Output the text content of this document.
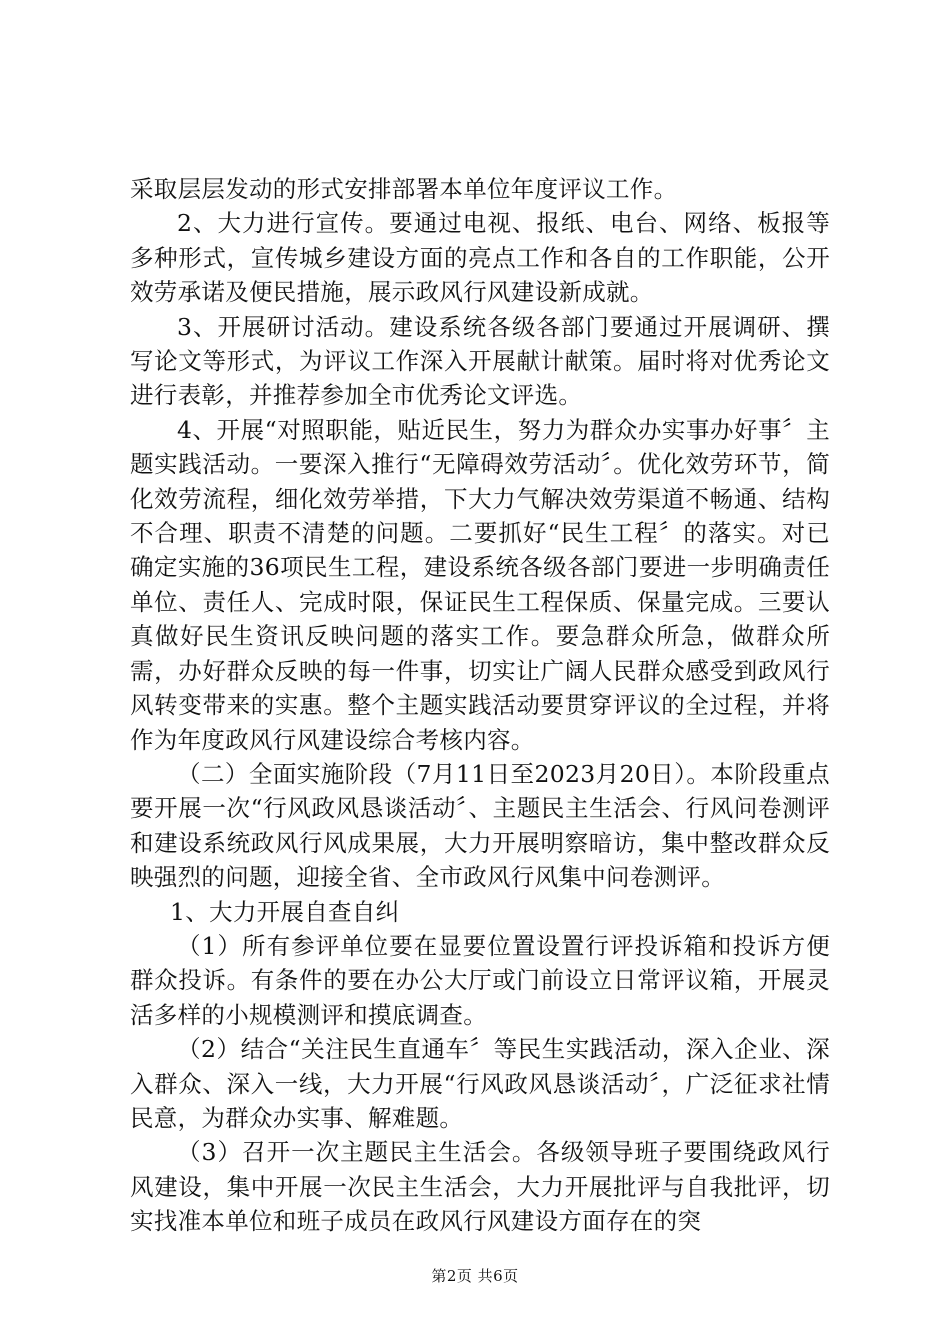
采取层层发动的形式安排部署本单位年度评议工作。

2、大力进行宣传。要通过电视、报纸、电台、网络、板报等多种形式，宣传城乡建设方面的亮点工作和各自的工作职能，公开效劳承诺及便民措施，展示政风行风建设新成就。

3、开展研讨活动。建设系统各级各部门要通过开展调研、撰写论文等形式，为评议工作深入开展献计献策。届时将对优秀论文进行表彰，并推荐参加全市优秀论文评选。

4、开展“对照职能，贴近民生，努力为群众办实事办好事〞主题实践活动。一要深入推行“无障碍效劳活动〞。优化效劳环节，简化效劳流程，细化效劳举措，下大力气解决效劳渠道不畅通、结构不合理、职责不清楚的问题。二要抓好“民生工程〞的落实。对已确定实施的36项民生工程，建设系统各级各部门要进一步明确责任单位、责任人、完成时限，保证民生工程保质、保量完成。三要认真做好民生资讯反映问题的落实工作。要急群众所急，做群众所需，办好群众反映的每一件事，切实让广阔人民群众感受到政风行风转变带来的实惠。整个主题实践活动要贯穿评议的全过程，并将作为年度政风行风建设综合考核内容。

（二）全面实施阶段（7月11日至2023月20日）。本阶段重点要开展一次“行风政风恳谈活动〞、主题民主生活会、行风问卷测评和建设系统政风行风成果展，大力开展明察暗访，集中整改群众反映强烈的问题，迎接全省、全市政风行风集中问卷测评。

1、大力开展自查自纠

（1）所有参评单位要在显要位置设置行评投诉箱和投诉方便群众投诉。有条件的要在办公大厅或门前设立日常评议箱，开展灵活多样的小规模测评和摸底调查。

（2）结合“关注民生直通车〞等民生实践活动，深入企业、深入群众、深入一线，大力开展“行风政风恳谈活动〞，广泛征求社情民意，为群众办实事、解难题。

（3）召开一次主题民主生活会。各级领导班子要围绕政风行风建设，集中开展一次民主生活会，大力开展批评与自我批评，切实找准本单位和班子成员在政风行风建设方面存在的突

第2页 共6页
